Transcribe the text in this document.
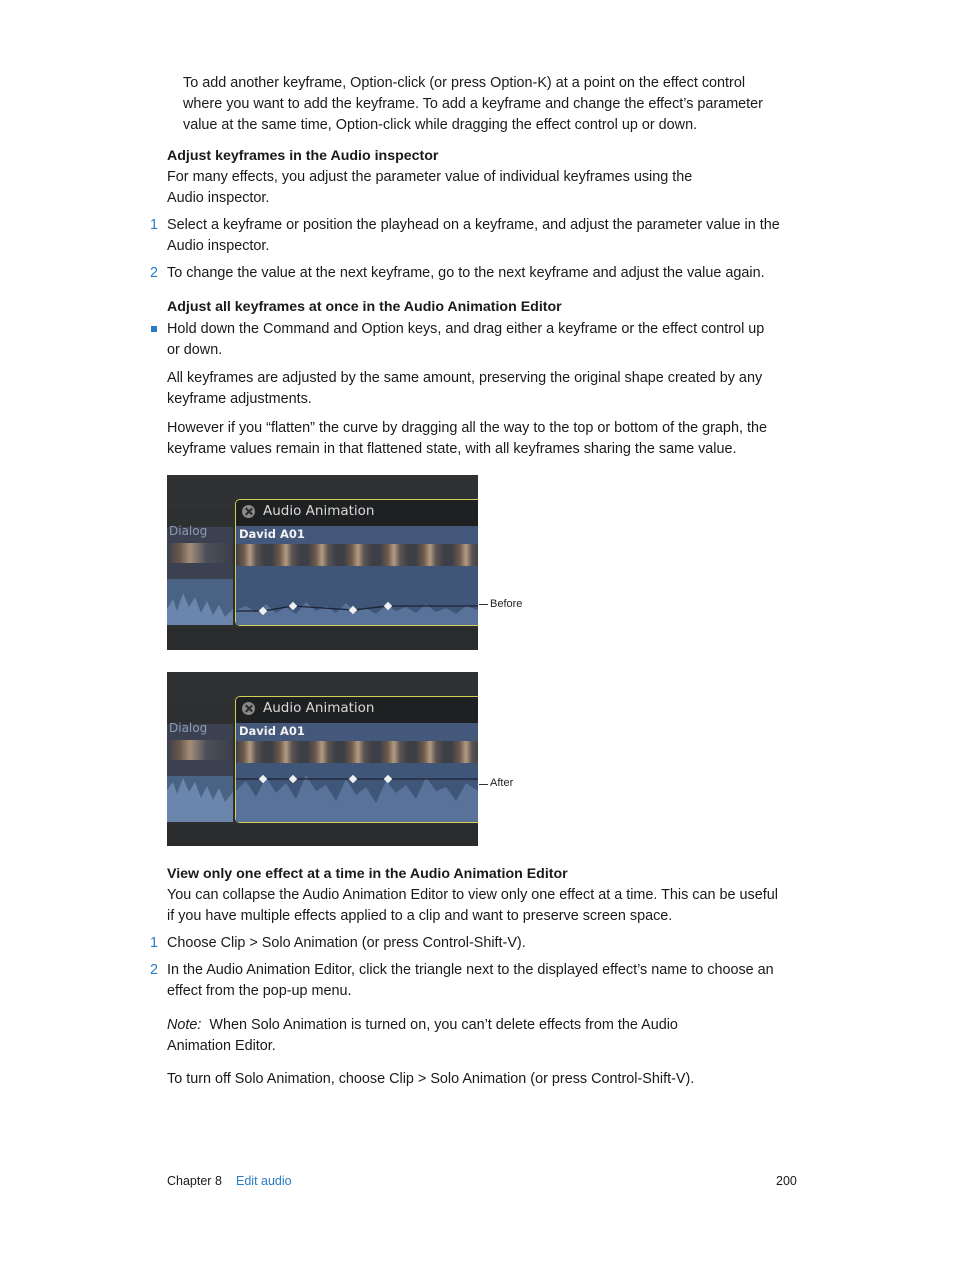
To add another keyframe, Option-click (or press Option-K) at a point on the effect control

where you want to add the keyframe. To add a keyframe and change the effect’s parameter

value at the same time, Option-click while dragging the effect control up or down.

Adjust keyframes in the Audio inspector

For many effects, you adjust the parameter value of individual keyframes using the

Audio inspector.

1 Select a keyframe or position the playhead on a keyframe, and adjust the parameter value in the

Audio inspector.

2 To change the value at the next keyframe, go to the next keyframe and adjust the value again.

Adjust all keyframes at once in the Audio Animation Editor

Hold down the Command and Option keys, and drag either a keyframe or the effect control up

or down.

All keyframes are adjusted by the same amount, preserving the original shape created by any

keyframe adjustments.

However if you “flatten” the curve by dragging all the way to the top or bottom of the graph, the

keyframe values remain in that flattened state, with all keyframes sharing the same value.

Dialog
Audio Animation
David A01
Before
Dialog
Audio Animation
David A01
After

View only one effect at a time in the Audio Animation Editor

You can collapse the Audio Animation Editor to view only one effect at a time. This can be useful

if you have multiple effects applied to a clip and want to preserve screen space.

1 Choose Clip > Solo Animation (or press Control-Shift-V).

2 In the Audio Animation Editor, click the triangle next to the displayed effect’s name to choose an

effect from the pop-up menu.

Note: When Solo Animation is turned on, you can’t delete effects from the Audio

Animation Editor.

To turn off Solo Animation, choose Clip > Solo Animation (or press Control-Shift-V).

Chapter 8 Edit audio	200
